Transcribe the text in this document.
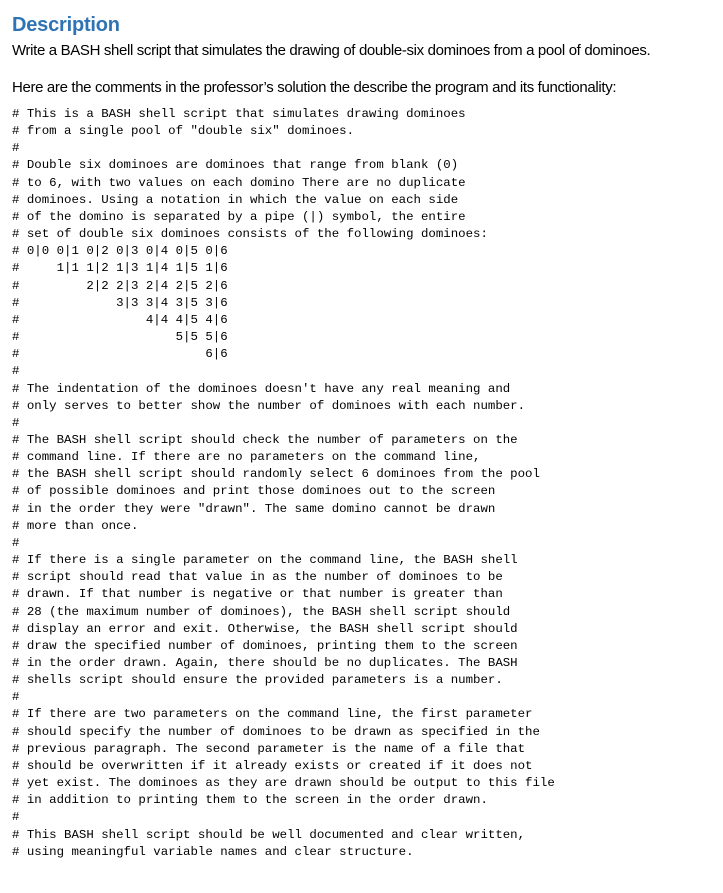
Description

Write a BASH shell script that simulates the drawing of double-six dominoes from a pool of dominoes.

Here are the comments in the professor’s solution the describe the program and its functionality:

# This is a BASH shell script that simulates drawing dominoes
# from a single pool of "double six" dominoes.
#
# Double six dominoes are dominoes that range from blank (0)
# to 6, with two values on each domino There are no duplicate
# dominoes. Using a notation in which the value on each side
# of the domino is separated by a pipe (|) symbol, the entire
# set of double six dominoes consists of the following dominoes:
# 0|0 0|1 0|2 0|3 0|4 0|5 0|6
#     1|1 1|2 1|3 1|4 1|5 1|6
#         2|2 2|3 2|4 2|5 2|6
#             3|3 3|4 3|5 3|6
#                 4|4 4|5 4|6
#                     5|5 5|6
#                         6|6
#
# The indentation of the dominoes doesn't have any real meaning and
# only serves to better show the number of dominoes with each number.
#
# The BASH shell script should check the number of parameters on the
# command line. If there are no parameters on the command line,
# the BASH shell script should randomly select 6 dominoes from the pool
# of possible dominoes and print those dominoes out to the screen
# in the order they were "drawn". The same domino cannot be drawn
# more than once.
#
# If there is a single parameter on the command line, the BASH shell
# script should read that value in as the number of dominoes to be
# drawn. If that number is negative or that number is greater than
# 28 (the maximum number of dominoes), the BASH shell script should
# display an error and exit. Otherwise, the BASH shell script should
# draw the specified number of dominoes, printing them to the screen
# in the order drawn. Again, there should be no duplicates. The BASH
# shells script should ensure the provided parameters is a number.
#
# If there are two parameters on the command line, the first parameter
# should specify the number of dominoes to be drawn as specified in the
# previous paragraph. The second parameter is the name of a file that
# should be overwritten if it already exists or created if it does not
# yet exist. The dominoes as they are drawn should be output to this file
# in addition to printing them to the screen in the order drawn.
#
# This BASH shell script should be well documented and clear written,
# using meaningful variable names and clear structure.
